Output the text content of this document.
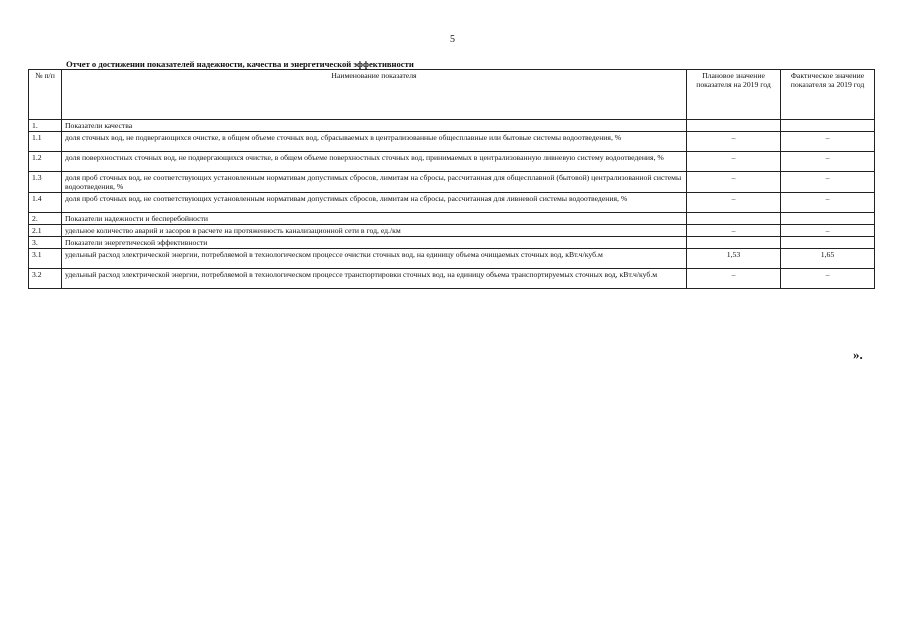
5
Отчет о достижении показателей надежности, качества и энергетической эффективности
№ п/п	Наименование показателя	Плановое значение показателя на 2019 год	Фактическое значение показателя за 2019 год
1.	Показатели качества		
1.1	доля сточных вод, не подвергающихся очистке, в общем объеме сточных вод, сбрасываемых в централизованные общесплавные или бытовые системы водоотведения, %	–	–
1.2	доля поверхностных сточных вод, не подвергающихся очистке, в общем объеме поверхностных сточных вод, принимаемых в централизованную ливневую систему водоотведения, %	–	–
1.3	доля проб сточных вод, не соответствующих установленным нормативам допустимых сбросов, лимитам на сбросы, рассчитанная для общесплавной (бытовой) централизованной системы водоотведения, %	–	–
1.4	доля проб сточных вод, не соответствующих установленным нормативам допустимых сбросов, лимитам на сбросы, рассчитанная для ливневой системы водоотведения, %	–	–
2.	Показатели надежности и бесперебойности		
2.1	удельное количество аварий и засоров в расчете на протяженность канализационной сети в год, ед./км	–	–
3.	Показатели энергетической эффективности		
3.1	удельный расход электрической энергии, потребляемой в технологическом процессе очистки сточных вод, на единицу объема очищаемых сточных вод, кВт.ч/куб.м	1,53	1,65
3.2	удельный расход электрической энергии, потребляемой в технологическом процессе транспортировки сточных вод, на единицу объема транспортируемых сточных вод, кВт.ч/куб.м	–	–
».
